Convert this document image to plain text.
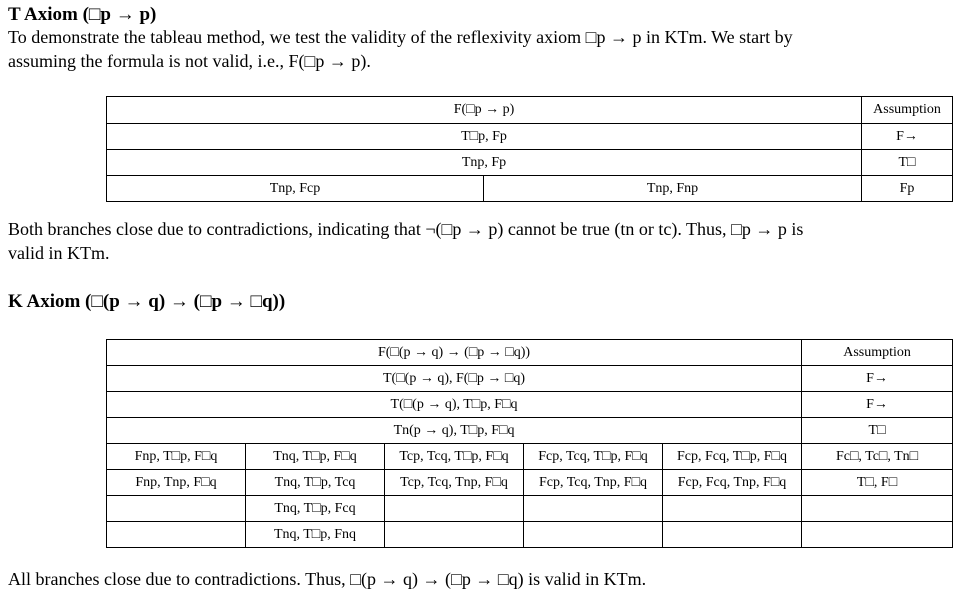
T Axiom (□p → p)
To demonstrate the tableau method, we test the validity of the reflexivity axiom □p → p in KTm. We start by
assuming the formula is not valid, i.e., F(□p → p).
F(□p → p)		Assumption
T□p, Fp		F→
Tnp, Fp		T□
Tnp, Fcp	Tnp, Fnp	Fp
Both branches close due to contradictions, indicating that ¬(□p → p) cannot be true (tn or tc). Thus, □p → p is
valid in KTm.
K Axiom (□(p → q) → (□p → □q))
F(□(p → q) → (□p → □q))					Assumption
T(□(p → q), F(□p → □q)					F→
T(□(p → q), T□p, F□q					F→
Tn(p → q), T□p, F□q					T□
Fnp, T□p, F□q	Tnq, T□p, F□q	Tcp, Tcq, T□p, F□q	Fcp, Tcq, T□p, F□q	Fcp, Fcq, T□p, F□q	Fc□, Tc□, Tn□
Fnp, Tnp, F□q	Tnq, T□p, Tcq	Tcp, Tcq, Tnp, F□q	Fcp, Tcq, Tnp, F□q	Fcp, Fcq, Tnp, F□q	T□, F□
	Tnq, T□p, Fcq				
	Tnq, T□p, Fnq				
All branches close due to contradictions. Thus, □(p → q) → (□p → □q) is valid in KTm.
